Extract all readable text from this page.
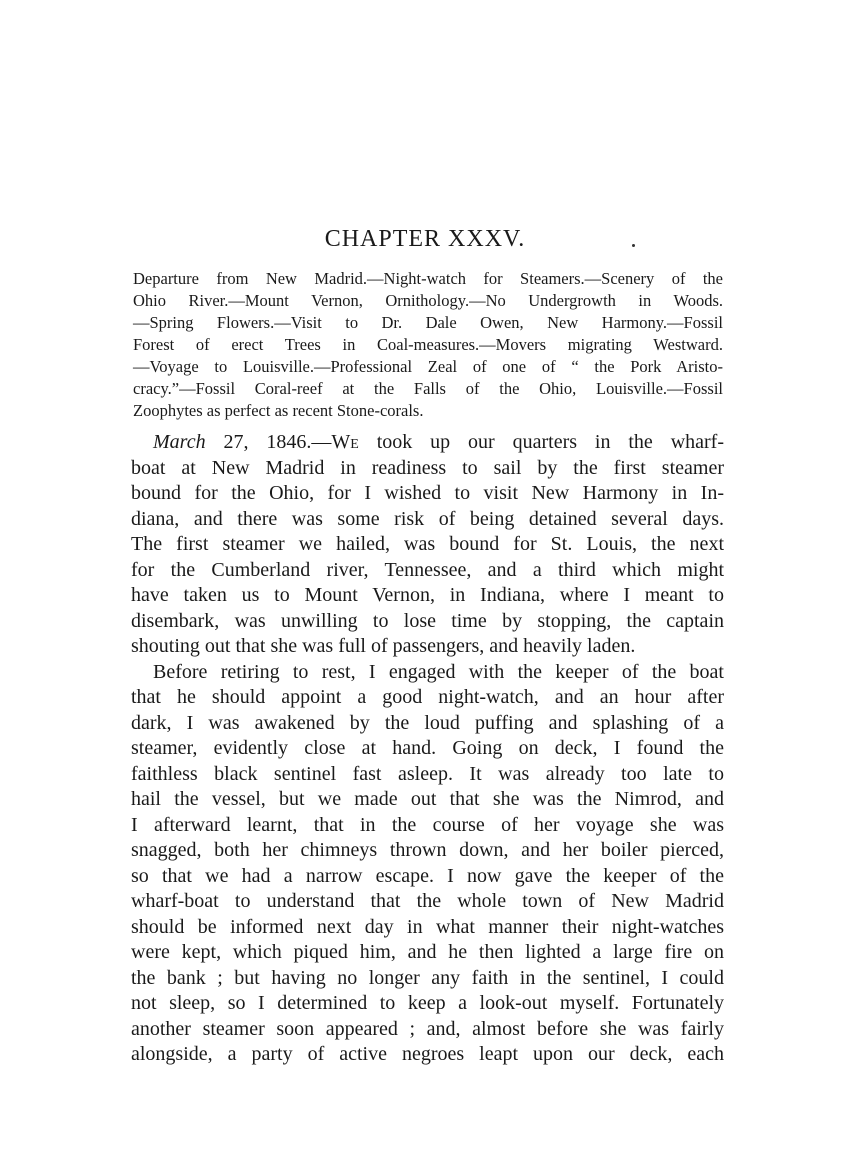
CHAPTER XXXV.
Departure from New Madrid.—Night-watch for Steamers.—Scenery of the
Ohio River.—Mount Vernon, Ornithology.—No Undergrowth in Woods.
—Spring Flowers.—Visit to Dr. Dale Owen, New Harmony.—Fossil
Forest of erect Trees in Coal-measures.—Movers migrating Westward.
—Voyage to Louisville.—Professional Zeal of one of “ the Pork Aristo-
cracy.”—Fossil Coral-reef at the Falls of the Ohio, Louisville.—Fossil
Zoophytes as perfect as recent Stone-corals.
March 27, 1846.—We took up our quarters in the wharf-
boat at New Madrid in readiness to sail by the first steamer
bound for the Ohio, for I wished to visit New Harmony in In-
diana, and there was some risk of being detained several days.
The first steamer we hailed, was bound for St. Louis, the next
for the Cumberland river, Tennessee, and a third which might
have taken us to Mount Vernon, in Indiana, where I meant to
disembark, was unwilling to lose time by stopping, the captain
shouting out that she was full of passengers, and heavily laden.
Before retiring to rest, I engaged with the keeper of the boat
that he should appoint a good night-watch, and an hour after
dark, I was awakened by the loud puffing and splashing of a
steamer, evidently close at hand. Going on deck, I found the
faithless black sentinel fast asleep. It was already too late to
hail the vessel, but we made out that she was the Nimrod, and
I afterward learnt, that in the course of her voyage she was
snagged, both her chimneys thrown down, and her boiler pierced,
so that we had a narrow escape. I now gave the keeper of the
wharf-boat to understand that the whole town of New Madrid
should be informed next day in what manner their night-watches
were kept, which piqued him, and he then lighted a large fire on
the bank ; but having no longer any faith in the sentinel, I could
not sleep, so I determined to keep a look-out myself. Fortunately
another steamer soon appeared ; and, almost before she was fairly
alongside, a party of active negroes leapt upon our deck, each
